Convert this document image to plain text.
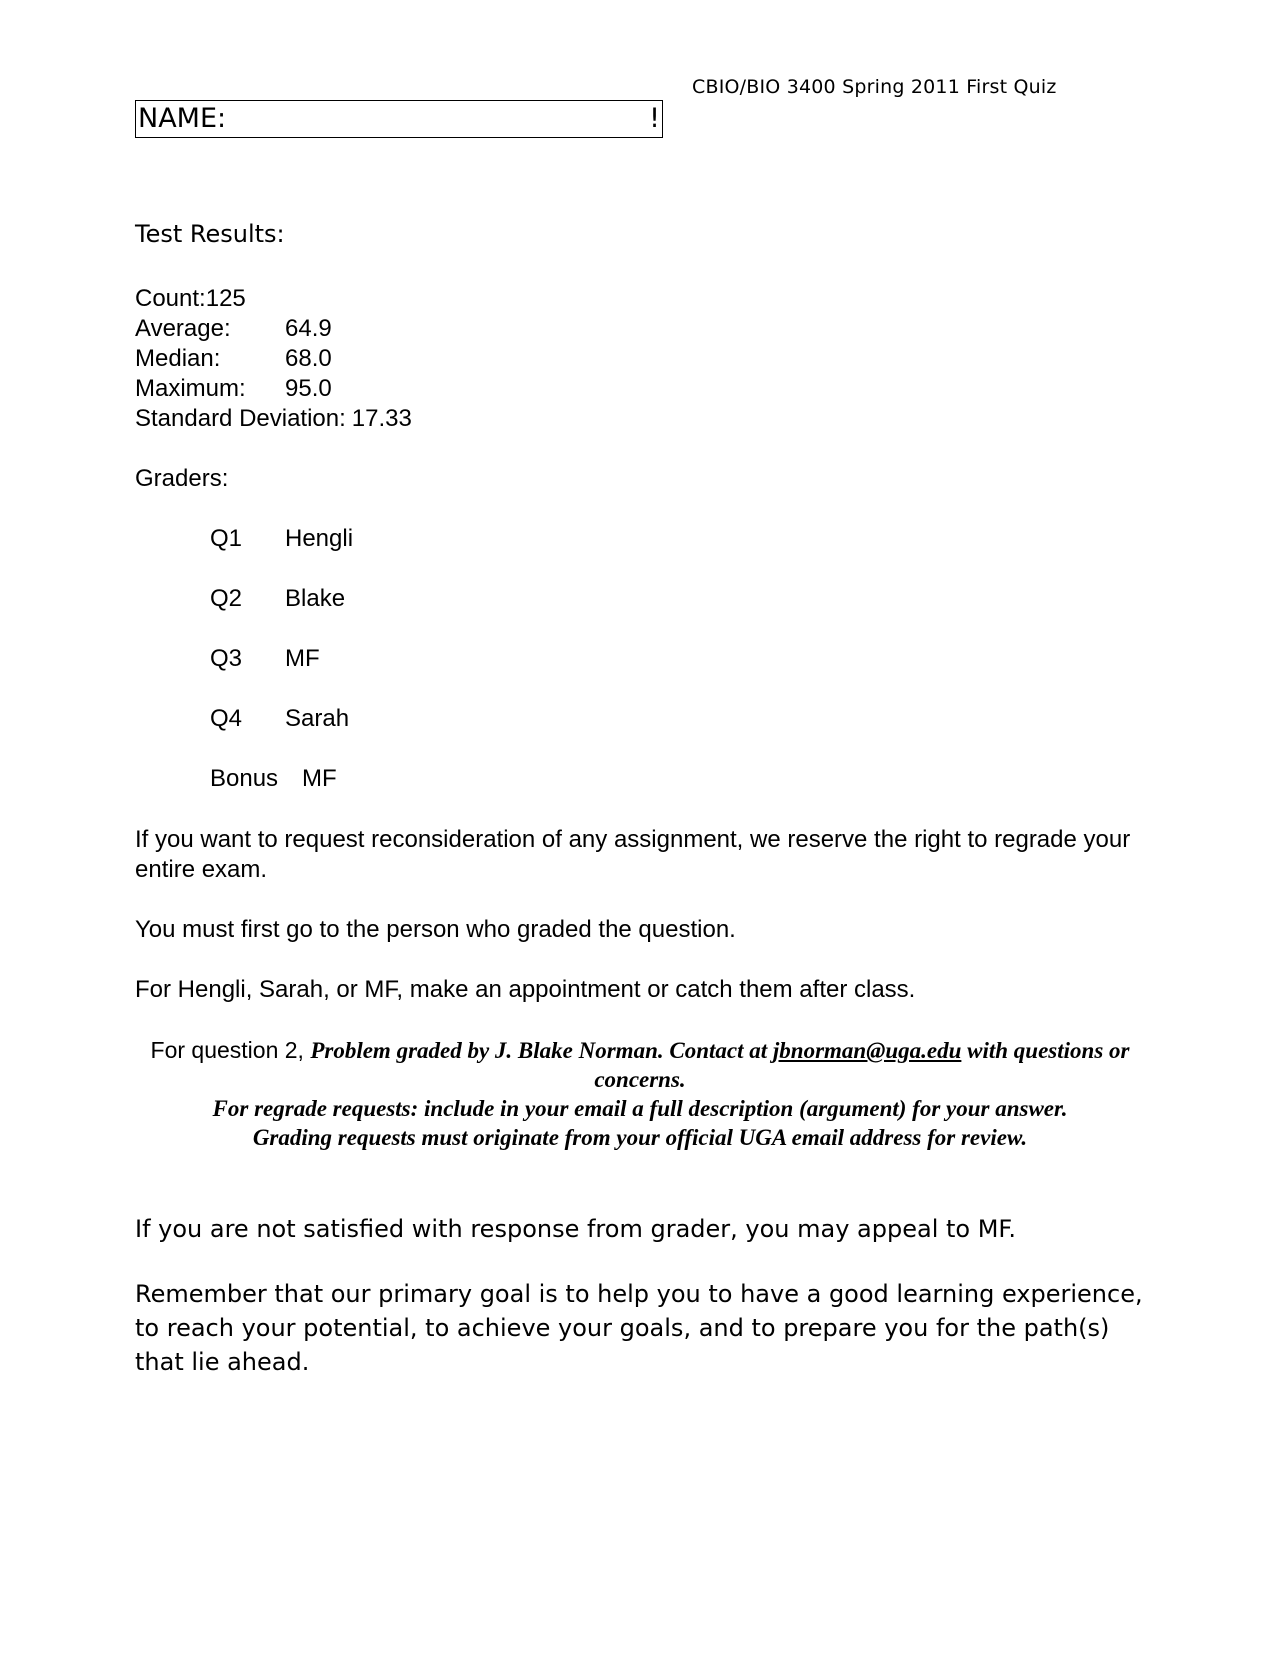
CBIO/BIO 3400 Spring 2011 First Quiz
NAME:	!
Test Results:
Count:125
Average: 64.9
Median:	68.0
Maximum: 95.0
Standard Deviation: 17.33
Graders:
Q1 Hengli
Q2 Blake
Q3 MF
Q4 Sarah
Bonus MF
If you want to request reconsideration of any assignment, we reserve the right to regrade your entire exam.
You must first go to the person who graded the question.
For Hengli, Sarah, or MF, make an appointment or catch them after class.
For question 2, Problem graded by J. Blake Norman. Contact at jbnorman@uga.edu with questions or concerns.
For regrade requests: include in your email a full description (argument) for your answer.
Grading requests must originate from your official UGA email address for review.
If you are not satisfied with response from grader, you may appeal to MF.
Remember that our primary goal is to help you to have a good learning experience, to reach your potential, to achieve your goals, and to prepare you for the path(s) that lie ahead.
